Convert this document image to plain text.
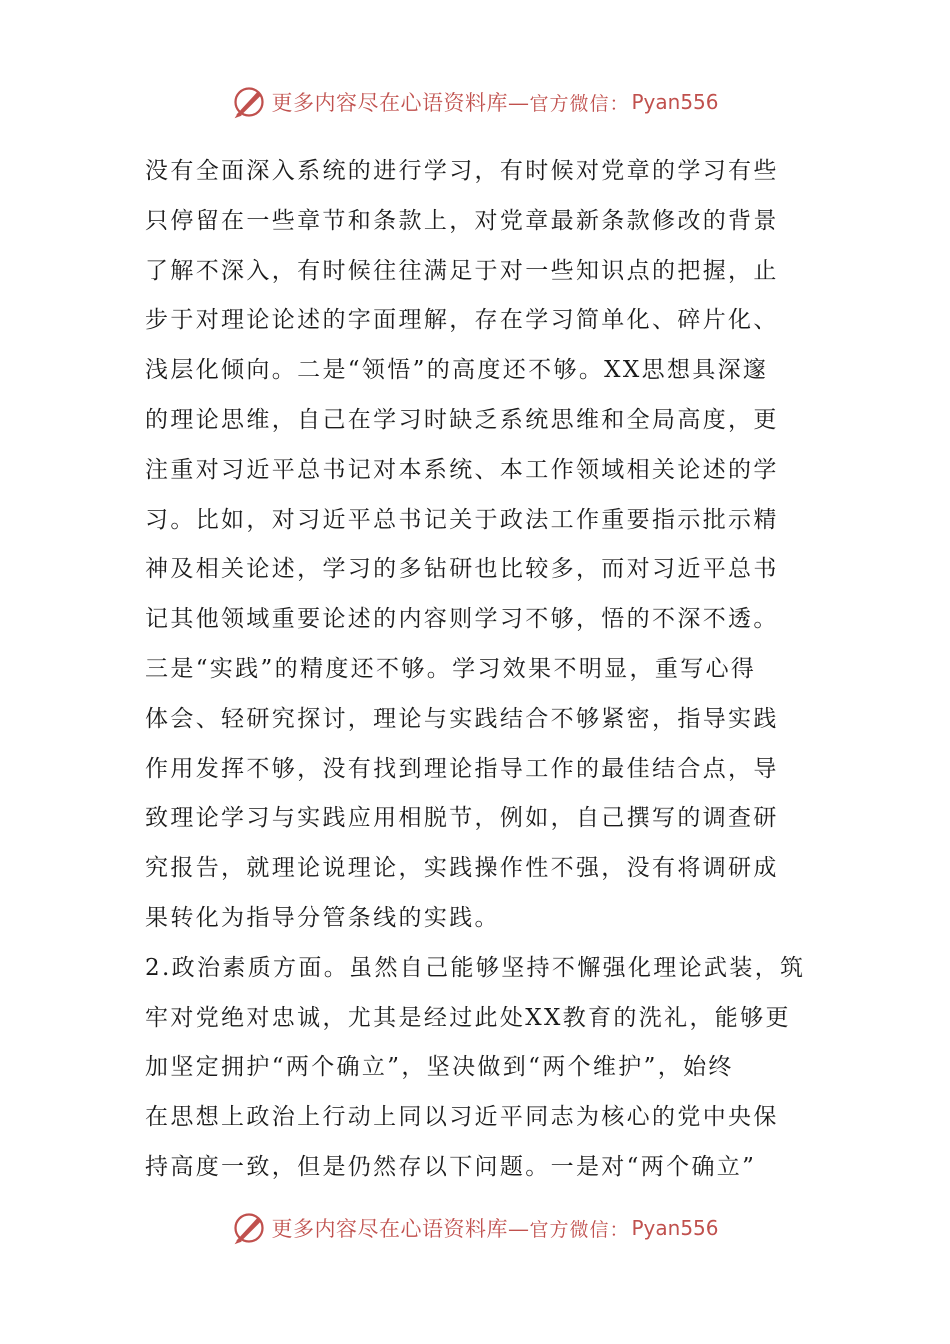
更多内容尽在心语资料库— 官方微信： Pyan556
没有全面深入系统的进行学习，有时候对党章的学习有些
只停留在一些章节和条款上，对党章最新条款修改的背景
了解不深入，有时候往往满足于对一些知识点的把握，止
步于对理论论述的字面理解，存在学习简单化、碎片化、
浅层化倾向。二是“领悟”的高度还不够。XX思想具深邃
的理论思维，自己在学习时缺乏系统思维和全局高度，更
注重对习近平总书记对本系统、本工作领域相关论述的学
习。比如，对习近平总书记关于政法工作重要指示批示精
神及相关论述，学习的多钻研也比较多，而对习近平总书
记其他领域重要论述的内容则学习不够，悟的不深不透。
三是“实践”的精度还不够。学习效果不明显，重写心得
体会、轻研究探讨，理论与实践结合不够紧密，指导实践
作用发挥不够，没有找到理论指导工作的最佳结合点，导
致理论学习与实践应用相脱节，例如，自己撰写的调查研
究报告，就理论说理论，实践操作性不强，没有将调研成
果转化为指导分管条线的实践。
2.政治素质方面。虽然自己能够坚持不懈强化理论武装，筑
牢对党绝对忠诚，尤其是经过此处XX教育的洗礼，能够更
加坚定拥护“两个确立”，坚决做到“两个维护”，始终
在思想上政治上行动上同以习近平同志为核心的党中央保
持高度一致，但是仍然存以下问题。一是对“两个确立”
更多内容尽在心语资料库— 官方微信： Pyan556
